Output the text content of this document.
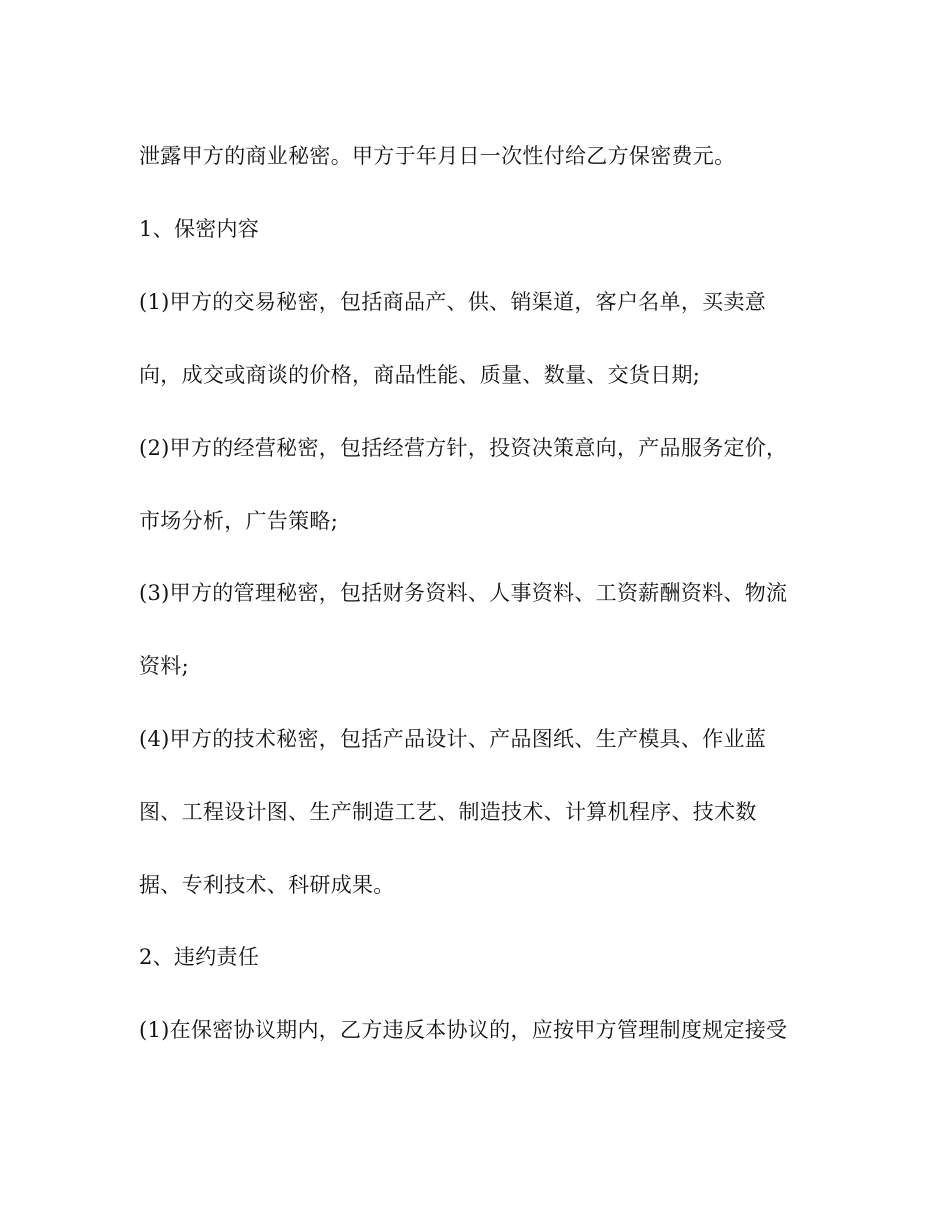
泄露甲方的商业秘密。甲方于年月日一次性付给乙方保密费元。

1、保密内容

(1)甲方的交易秘密，包括商品产、供、销渠道，客户名单，买卖意

向，成交或商谈的价格，商品性能、质量、数量、交货日期;

(2)甲方的经营秘密，包括经营方针，投资决策意向，产品服务定价，

市场分析，广告策略;

(3)甲方的管理秘密，包括财务资料、人事资料、工资薪酬资料、物流

资料;

(4)甲方的技术秘密，包括产品设计、产品图纸、生产模具、作业蓝

图、工程设计图、生产制造工艺、制造技术、计算机程序、技术数

据、专利技术、科研成果。

2、违约责任

(1)在保密协议期内，乙方违反本协议的，应按甲方管理制度规定接受
